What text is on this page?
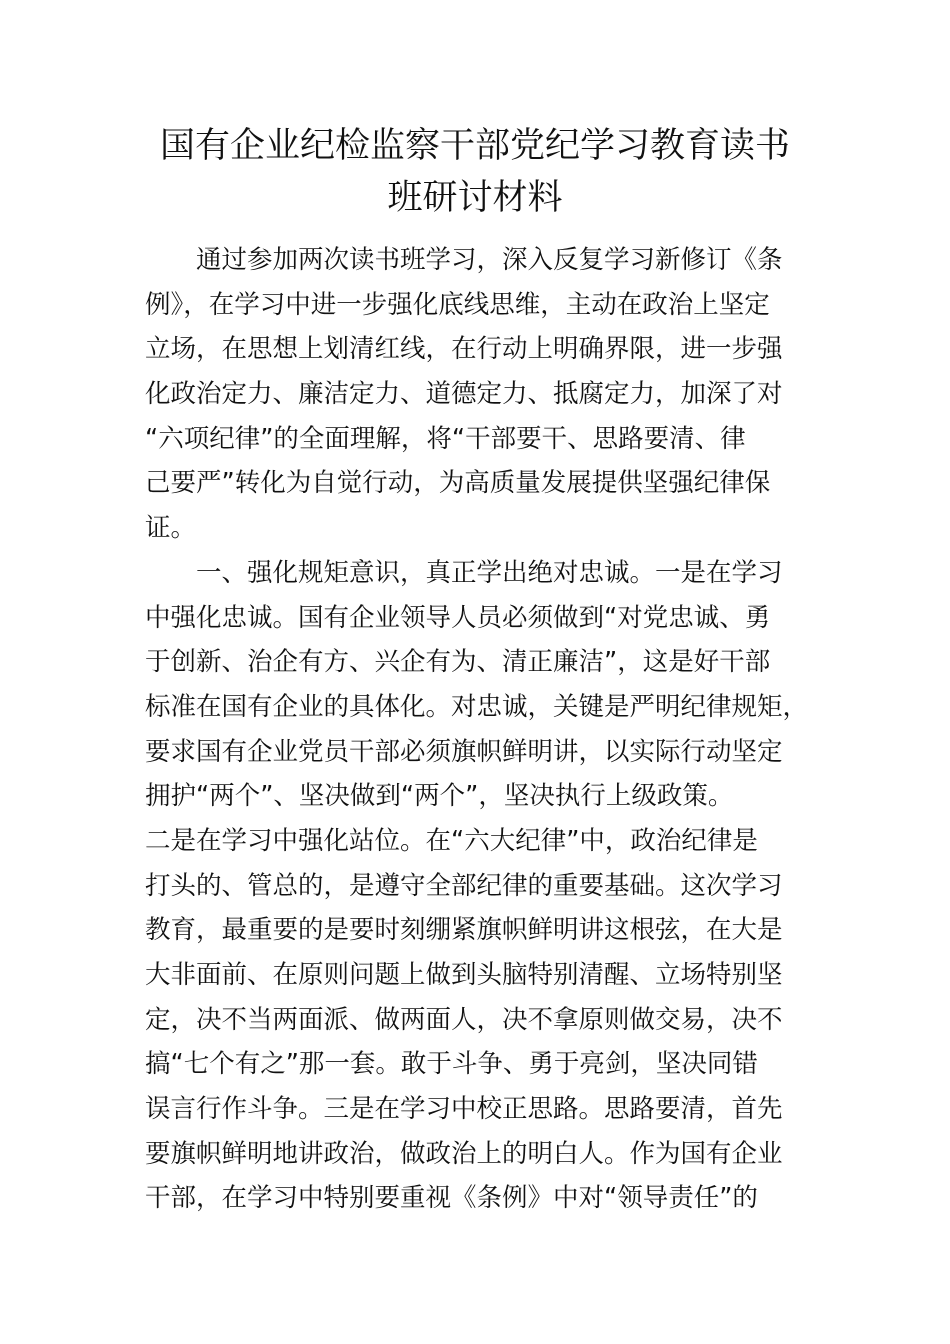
国有企业纪检监察干部党纪学习教育读书
班研讨材料
通过参加两次读书班学习，深入反复学习新修订《条
例》，在学习中进一步强化底线思维，主动在政治上坚定
立场，在思想上划清红线，在行动上明确界限，进一步强
化政治定力、廉洁定力、道德定力、抵腐定力，加深了对
“六项纪律”的全面理解，将“干部要干、思路要清、律
己要严”转化为自觉行动，为高质量发展提供坚强纪律保
证。
一、强化规矩意识，真正学出绝对忠诚。一是在学习
中强化忠诚。国有企业领导人员必须做到“对党忠诚、勇
于创新、治企有方、兴企有为、清正廉洁”，这是好干部
标准在国有企业的具体化。对忠诚，关键是严明纪律规矩，
要求国有企业党员干部必须旗帜鲜明讲，以实际行动坚定
拥护“两个”、坚决做到“两个”，坚决执行上级政策。
二是在学习中强化站位。在“六大纪律”中，政治纪律是
打头的、管总的，是遵守全部纪律的重要基础。这次学习
教育，最重要的是要时刻绷紧旗帜鲜明讲这根弦，在大是
大非面前、在原则问题上做到头脑特别清醒、立场特别坚
定，决不当两面派、做两面人，决不拿原则做交易，决不
搞“七个有之”那一套。敢于斗争、勇于亮剑，坚决同错
误言行作斗争。三是在学习中校正思路。思路要清，首先
要旗帜鲜明地讲政治，做政治上的明白人。作为国有企业
干部，在学习中特别要重视《条例》中对“领导责任”的
